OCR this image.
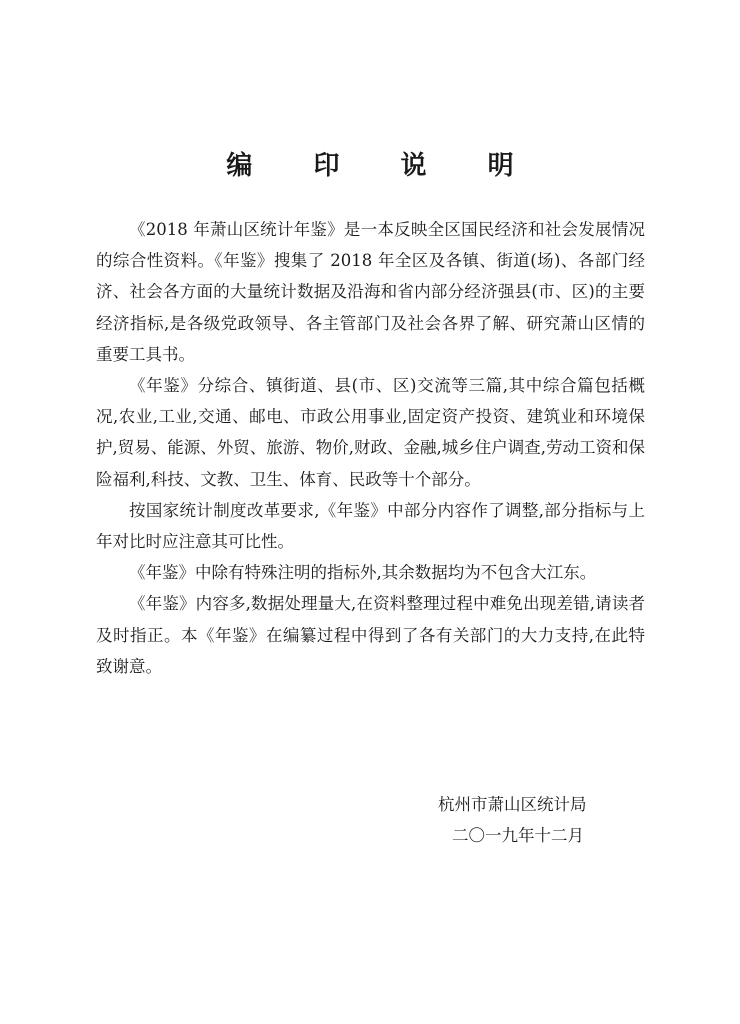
编 印 说 明

《2018 年萧山区统计年鉴》是一本反映全区国民经济和社会发展情况的综合性资料。《年鉴》搜集了 2018 年全区及各镇、街道(场)、各部门经济、社会各方面的大量统计数据及沿海和省内部分经济强县(市、区)的主要经济指标,是各级党政领导、各主管部门及社会各界了解、研究萧山区情的重要工具书。

《年鉴》分综合、镇街道、县(市、区)交流等三篇,其中综合篇包括概况,农业,工业,交通、邮电、市政公用事业,固定资产投资、建筑业和环境保护,贸易、能源、外贸、旅游、物价,财政、金融,城乡住户调查,劳动工资和保险福利,科技、文教、卫生、体育、民政等十个部分。

按国家统计制度改革要求,《年鉴》中部分内容作了调整,部分指标与上年对比时应注意其可比性。

《年鉴》中除有特殊注明的指标外,其余数据均为不包含大江东。

《年鉴》内容多,数据处理量大,在资料整理过程中难免出现差错,请读者及时指正。本《年鉴》在编纂过程中得到了各有关部门的大力支持,在此特致谢意。

杭州市萧山区统计局
二〇一九年十二月
